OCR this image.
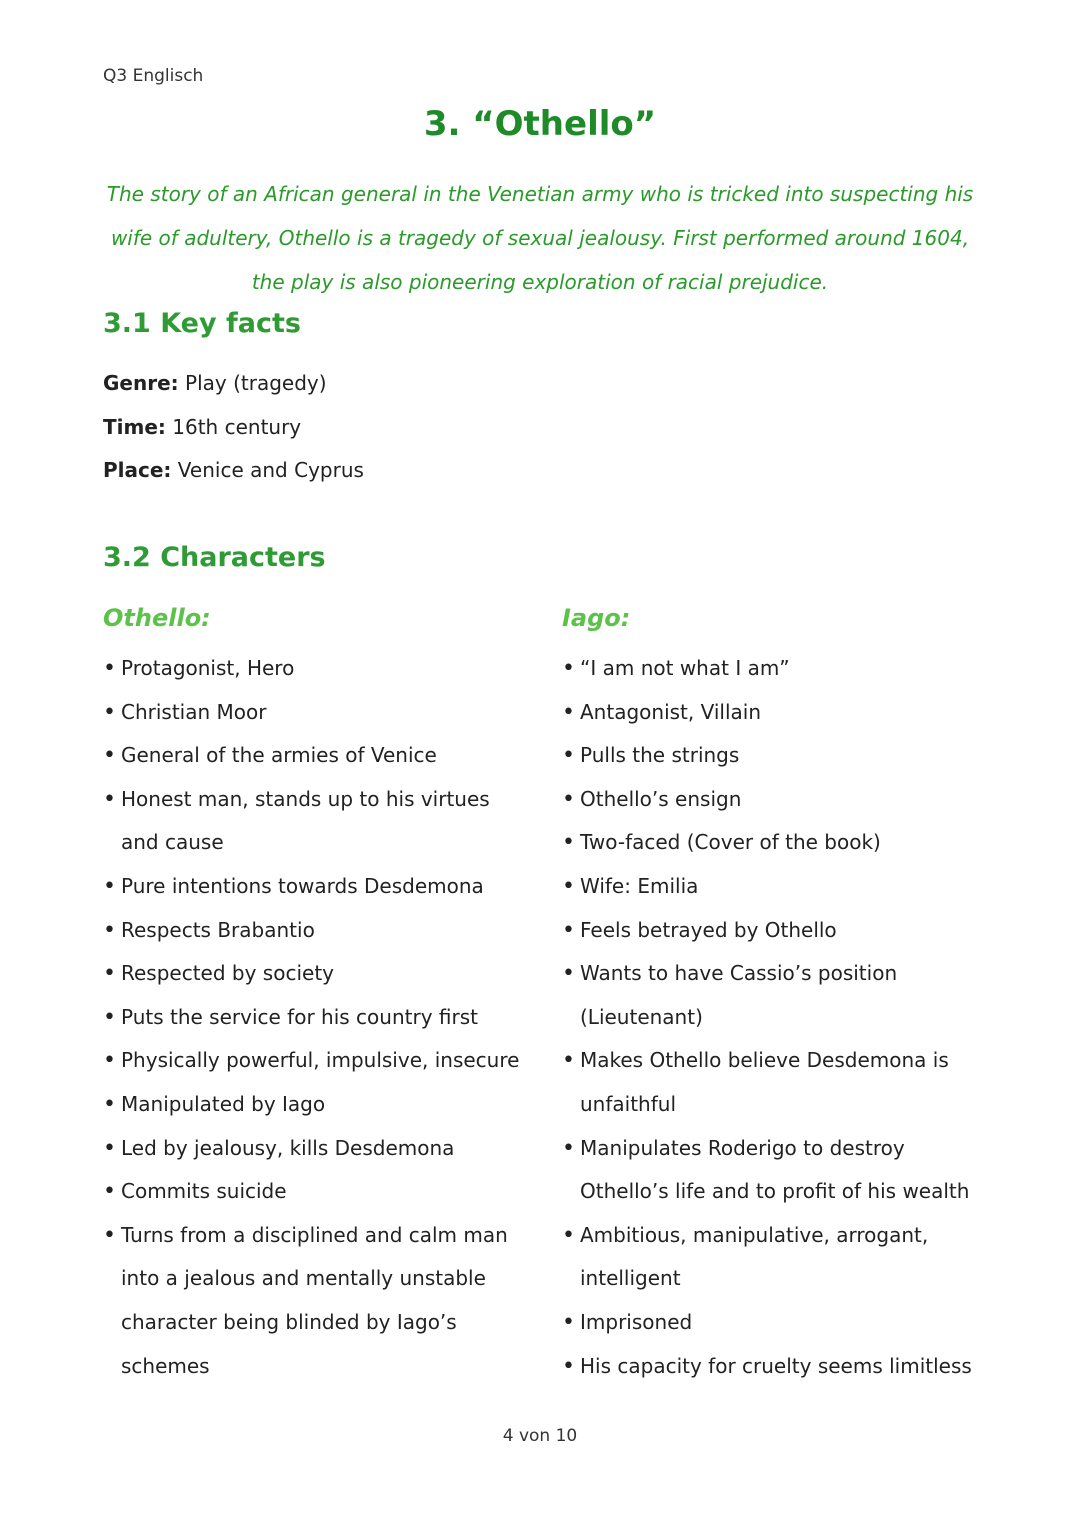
Q3 Englisch
3. “Othello”

The story of an African general in the Venetian army who is tricked into suspecting his wife of adultery, Othello is a tragedy of sexual jealousy. First performed around 1604, the play is also pioneering exploration of racial prejudice.

3.1 Key facts
Genre: Play (tragedy)
Time: 16th century
Place: Venice and Cyprus
3.2 Characters
Othello:
• Protagonist, Hero
• Christian Moor
• General of the armies of Venice
• Honest man, stands up to his virtues and cause
• Pure intentions towards Desdemona
• Respects Brabantio
• Respected by society
• Puts the service for his country first
• Physically powerful, impulsive, insecure
• Manipulated by Iago
• Led by jealousy, kills Desdemona
• Commits suicide
• Turns from a disciplined and calm man into a jealous and mentally unstable character being blinded by Iago’s schemes
Iago:
• “I am not what I am”
• Antagonist, Villain
• Pulls the strings
• Othello’s ensign
• Two-faced (Cover of the book)
• Wife: Emilia
• Feels betrayed by Othello
• Wants to have Cassio’s position (Lieutenant)
• Makes Othello believe Desdemona is unfaithful
• Manipulates Roderigo to destroy Othello’s life and to profit of his wealth
• Ambitious, manipulative, arrogant, intelligent
• Imprisoned
• His capacity for cruelty seems limitless
4 von 10
